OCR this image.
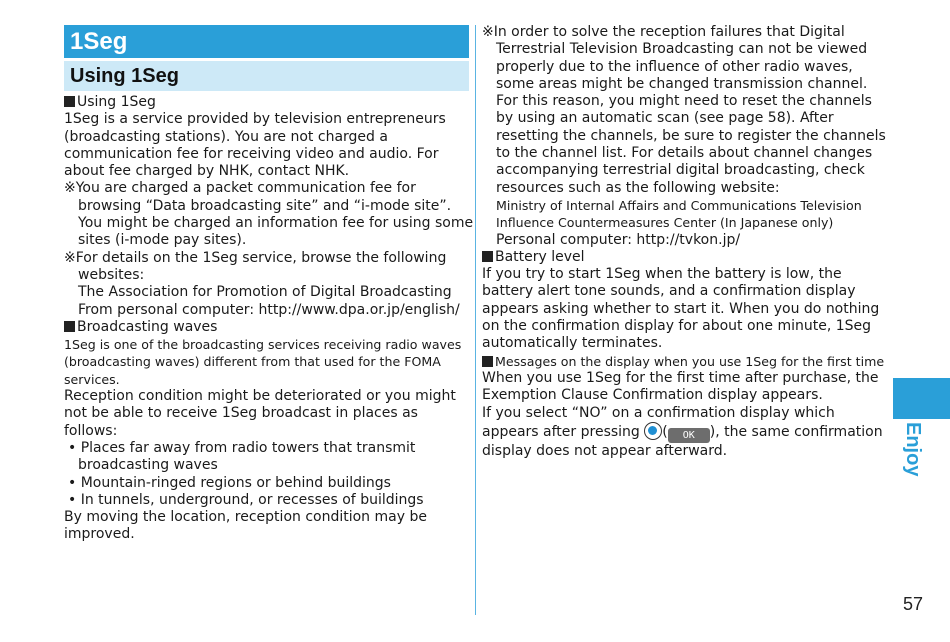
1Seg
Using 1Seg

Using 1Seg

1Seg is a service provided by television entrepreneurs (broadcasting stations). You are not charged a communication fee for receiving video and audio. For about fee charged by NHK, contact NHK.

※You are charged a packet communication fee for browsing “Data broadcasting site” and “i-mode site”. You might be charged an information fee for using some sites (i-mode pay sites).

※For details on the 1Seg service, browse the following websites:

The Association for Promotion of Digital Broadcasting

From personal computer: http://www.dpa.or.jp/english/

Broadcasting waves

1Seg is one of the broadcasting services receiving radio waves (broadcasting waves) different from that used for the FOMA services.

Reception condition might be deteriorated or you might not be able to receive 1Seg broadcast in places as follows:

• Places far away from radio towers that transmit broadcasting waves

• Mountain-ringed regions or behind buildings

• In tunnels, underground, or recesses of buildings

By moving the location, reception condition may be improved.

※In order to solve the reception failures that Digital Terrestrial Television Broadcasting can not be viewed properly due to the influence of other radio waves, some areas might be changed transmission channel. For this reason, you might need to reset the channels by using an automatic scan (see page 58). After resetting the channels, be sure to register the channels to the channel list. For details about channel changes accompanying terrestrial digital broadcasting, check resources such as the following website:

Ministry of Internal Affairs and Communications Television Influence Countermeasures Center (In Japanese only)

Personal computer: http://tvkon.jp/

Battery level

If you try to start 1Seg when the battery is low, the battery alert tone sounds, and a confirmation display appears asking whether to start it. When you do nothing on the confirmation display for about one minute, 1Seg automatically terminates.

Messages on the display when you use 1Seg for the first time

When you use 1Seg for the first time after purchase, the Exemption Clause Confirmation display appears.

If you select “NO” on a confirmation display which appears after pressing ( OK ), the same confirmation display does not appear afterward.	Enjoy
57
